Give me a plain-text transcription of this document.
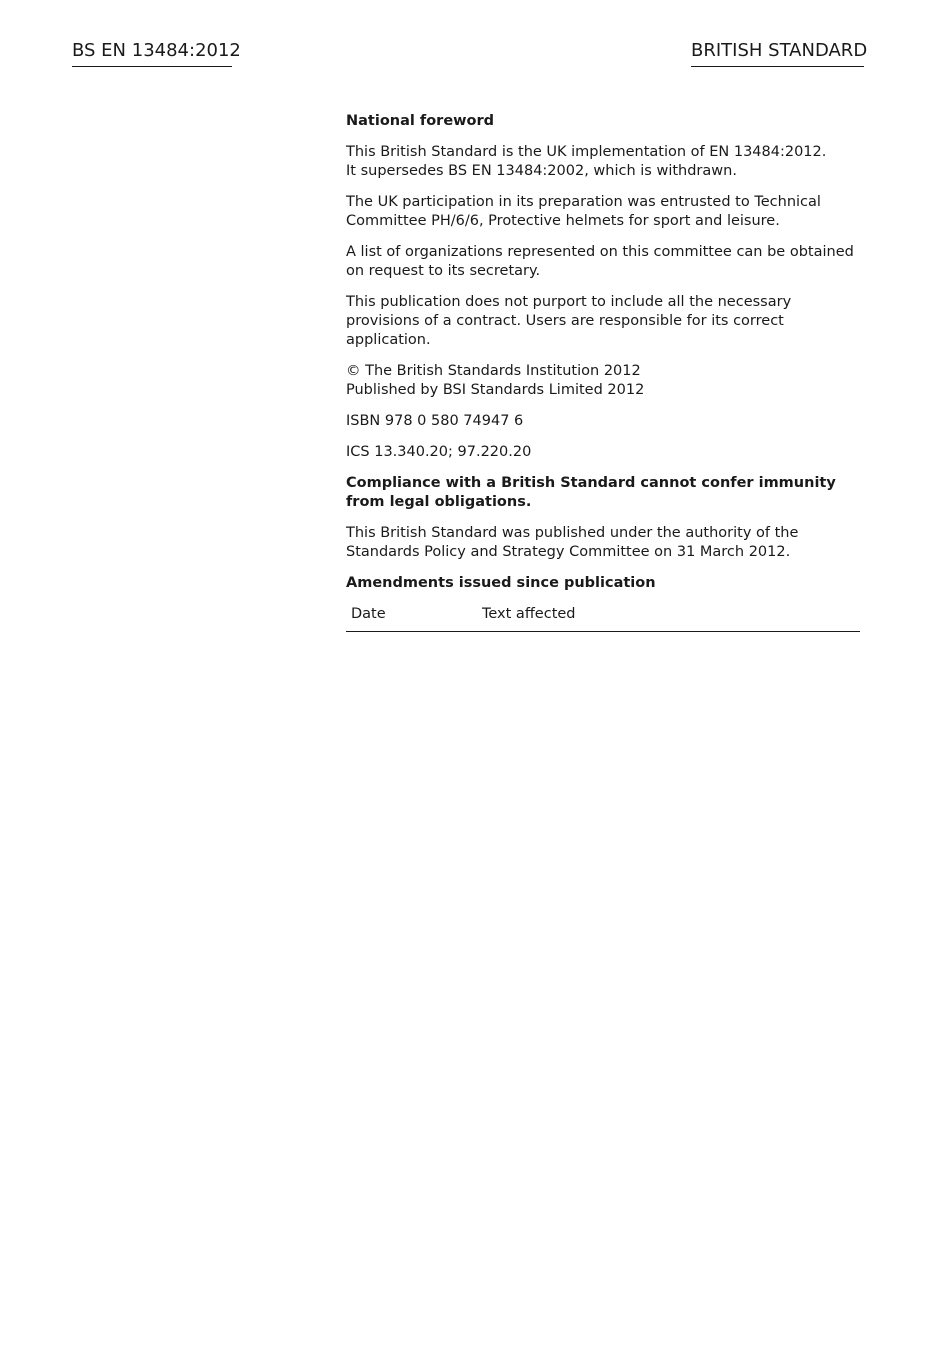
BS EN 13484:2012	BRITISH STANDARD

National foreword

This British Standard is the UK implementation of EN 13484:2012.
It supersedes BS EN 13484:2002, which is withdrawn.

The UK participation in its preparation was entrusted to Technical Committee PH/6/6, Protective helmets for sport and leisure.

A list of organizations represented on this committee can be obtained on request to its secretary.

This publication does not purport to include all the necessary provisions of a contract. Users are responsible for its correct application.

© The British Standards Institution 2012
Published by BSI Standards Limited 2012

ISBN 978 0 580 74947 6

ICS 13.340.20; 97.220.20

Compliance with a British Standard cannot confer immunity from legal obligations.

This British Standard was published under the authority of the Standards Policy and Strategy Committee on 31 March 2012.

Amendments issued since publication

Date	Text affected
